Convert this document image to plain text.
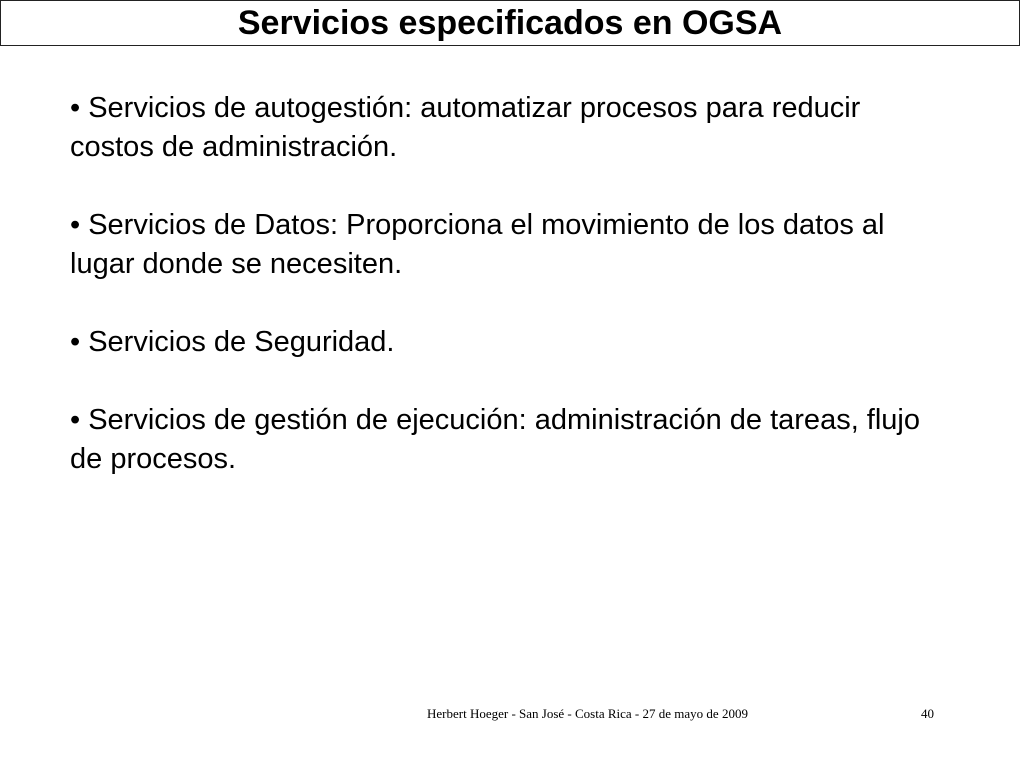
Servicios especificados en OGSA

• Servicios de autogestión: automatizar procesos para reducir costos de administración.

• Servicios de Datos: Proporciona el movimiento de los datos al lugar donde se necesiten.

• Servicios de Seguridad.

• Servicios de gestión de ejecución: administración de tareas, flujo de procesos.

Herbert Hoeger - San José - Costa Rica - 27 de mayo de 2009	40
